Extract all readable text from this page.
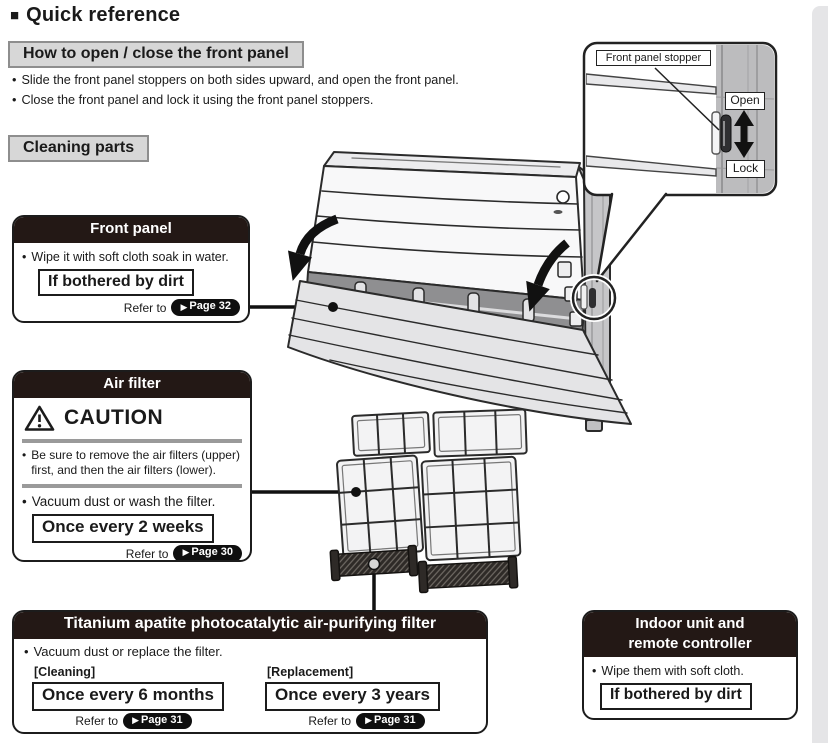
■ Quick reference
How to open / close the front panel
• Slide the front panel stoppers on both sides upward, and open the front panel.
• Close the front panel and lock it using the front panel stoppers.
Cleaning parts
Front panel stopper
Open
Lock
Front panel
• Wipe it with soft cloth soak in water.
If bothered by dirt
Refer to ▶ Page 32
Air filter
CAUTION
• Be sure to remove the air filters (upper) first, and then the air filters (lower).
• Vacuum dust or wash the filter.
Once every 2 weeks
Refer to ▶ Page 30
Titanium apatite photocatalytic air-purifying filter
• Vacuum dust or replace the filter.
[Cleaning]
Once every 6 months
Refer to ▶ Page 31
[Replacement]
Once every 3 years
Refer to ▶ Page 31
Indoor unit and
remote controller
• Wipe them with soft cloth.
If bothered by dirt
